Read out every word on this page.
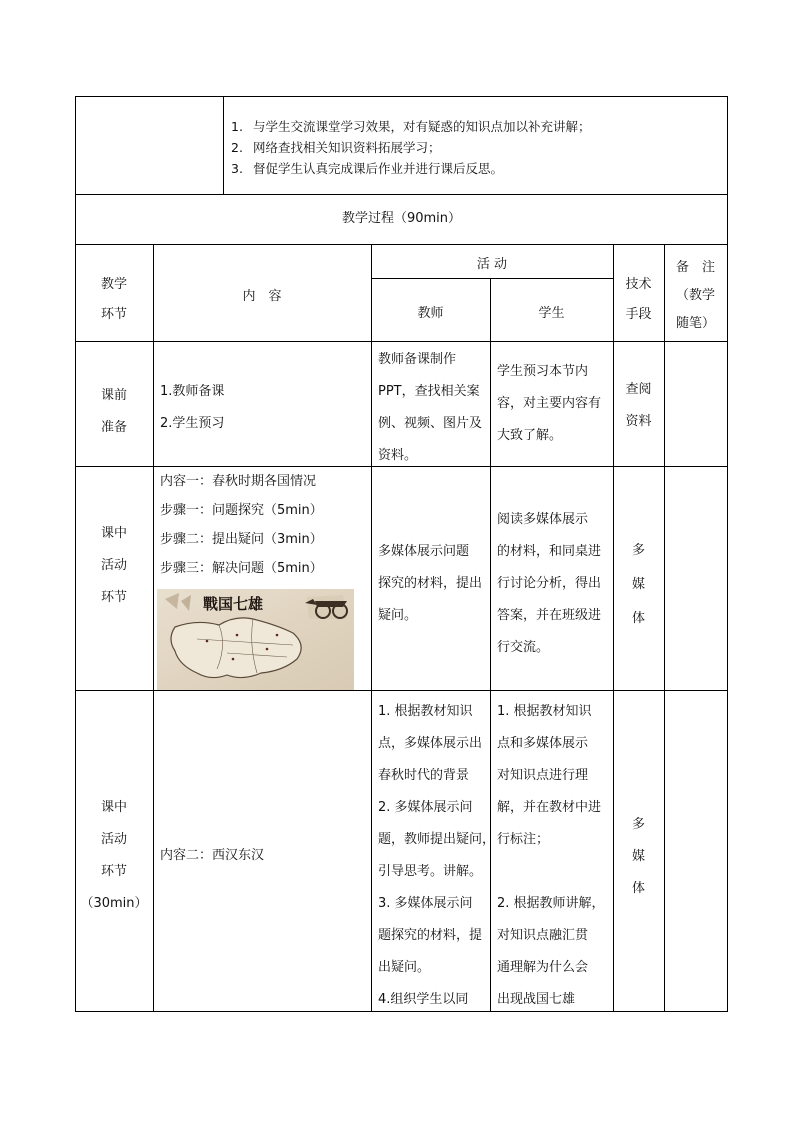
1. 与学生交流课堂学习效果，对有疑惑的知识点加以补充讲解；
2. 网络查找相关知识资料拓展学习；
3. 督促学生认真完成课后作业并进行课后反思。
教学过程（90min）
教学
环节
内　容
活 动
教师	学生
技术
手段
备　注
（教学
随笔）
课前
准备
1.教师备课
2.学生预习
教师备课制作
PPT，查找相关案
例、视频、图片及
资料。
学生预习本节内
容，对主要内容有
大致了解。
查阅
资料
课中
活动
环节
内容一：春秋时期各国情况
步骤一：问题探究（5min）
步骤二：提出疑问（3min）
步骤三：解决问题（5min）
戰国七雄
多媒体展示问题
探究的材料，提出
疑问。
阅读多媒体展示
的材料，和同桌进
行讨论分析，得出
答案，并在班级进
行交流。
多
媒
体
课中
活动
环节
（30min）
内容二：西汉东汉
1. 根据教材知识
点，多媒体展示出
春秋时代的背景
2. 多媒体展示问
题，教师提出疑问，
引导思考。讲解。
3. 多媒体展示问
题探究的材料，提
出疑问。
4.组织学生以同
1. 根据教材知识
点和多媒体展示
对知识点进行理
解，并在教材中进
行标注；
2. 根据教师讲解，
对知识点融汇贯
通理解为什么会
出现战国七雄
多
媒
体
